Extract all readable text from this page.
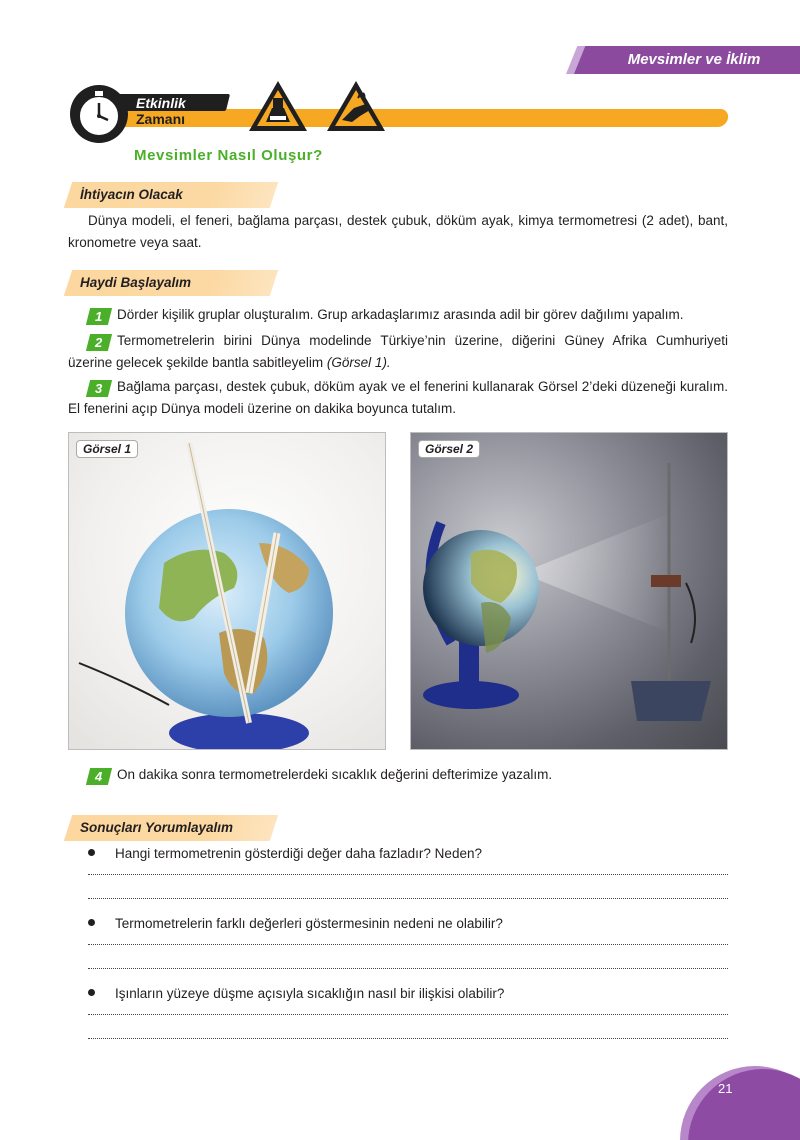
Mevsimler ve İklim
Etkinlik
Zamanı
Mevsimler Nasıl Oluşur?
İhtiyacın Olacak
Dünya modeli, el feneri, bağlama parçası, destek çubuk, döküm ayak, kimya termometresi (2 adet), bant, kronometre veya saat.
Haydi Başlayalım
1 Dörder kişilik gruplar oluşturalım. Grup arkadaşlarımız arasında adil bir görev dağılımı yapalım.
2 Termometrelerin birini Dünya modelinde Türkiye’nin üzerine, diğerini Güney Afrika Cumhuriyeti üzerine gelecek şekilde bantla sabitleyelim (Görsel 1).
3 Bağlama parçası, destek çubuk, döküm ayak ve el fenerini kullanarak Görsel 2’deki düzeneği kuralım. El fenerini açıp Dünya modeli üzerine on dakika boyunca tutalım.
Görsel 1	Görsel 2
4 On dakika sonra termometrelerdeki sıcaklık değerini defterimize yazalım.
Sonuçları Yorumlayalım
Hangi termometrenin gösterdiği değer daha fazladır? Neden?
Termometrelerin farklı değerleri göstermesinin nedeni ne olabilir?
Işınların yüzeye düşme açısıyla sıcaklığın nasıl bir ilişkisi olabilir?
21
